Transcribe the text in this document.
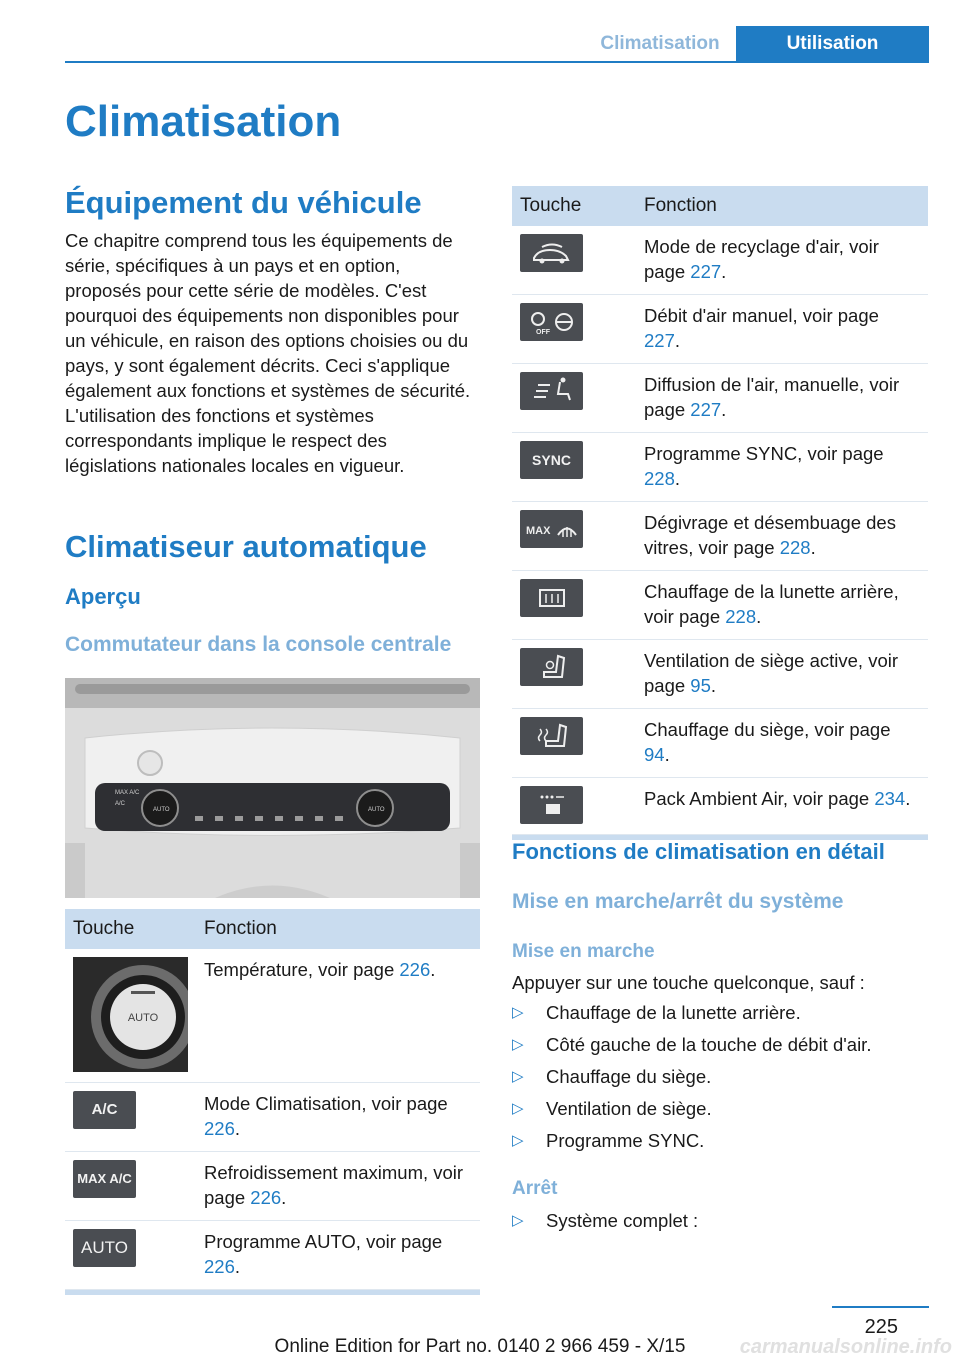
Climatisation	Utilisation
Climatisation
Équipement du véhicule
Ce chapitre comprend tous les équipements de série, spécifiques à un pays et en option, proposés pour cette série de modèles. C'est pourquoi des équipements non disponibles pour un véhicule, en raison des options choisies ou du pays, y sont également décrits. Ceci s'applique également aux fonctions et systèmes de sécurité. L'utilisation des fonctions et systèmes correspondants implique le respect des législations nationales locales en vigueur.
Climatiseur automatique
Aperçu
Commutateur dans la console centrale
MAX A/C
A/C
AUTO	AUTO
Touche	Fonction

AUTO	Température, voir page 226.

A/C	Mode Climatisation, voir page 226.

MAX A/C	Refroidissement maximum, voir page 226.

AUTO	Programme AUTO, voir page 226.
Touche	Fonction

	Mode de recyclage d'air, voir page 227.

OFF	Débit d'air manuel, voir page 227.

	Diffusion de l'air, manuelle, voir page 227.

SYNC	Programme SYNC, voir page 228.

MAX	Dégivrage et désembuage des vitres, voir page 228.

	Chauffage de la lunette arrière, voir page 228.

	Ventilation de siège active, voir page 95.

	Chauffage du siège, voir page 94.

	Pack Ambient Air, voir page 234.
Fonctions de climatisation en détail
Mise en marche/arrêt du système
Mise en marche
Appuyer sur une touche quelconque, sauf :
▷ Chauffage de la lunette arrière.
▷ Côté gauche de la touche de débit d'air.
▷ Chauffage du siège.
▷ Ventilation de siège.
▷ Programme SYNC.
Arrêt
▷ Système complet :
225
Online Edition for Part no. 0140 2 966 459 - X/15	carmanualsonline.info
